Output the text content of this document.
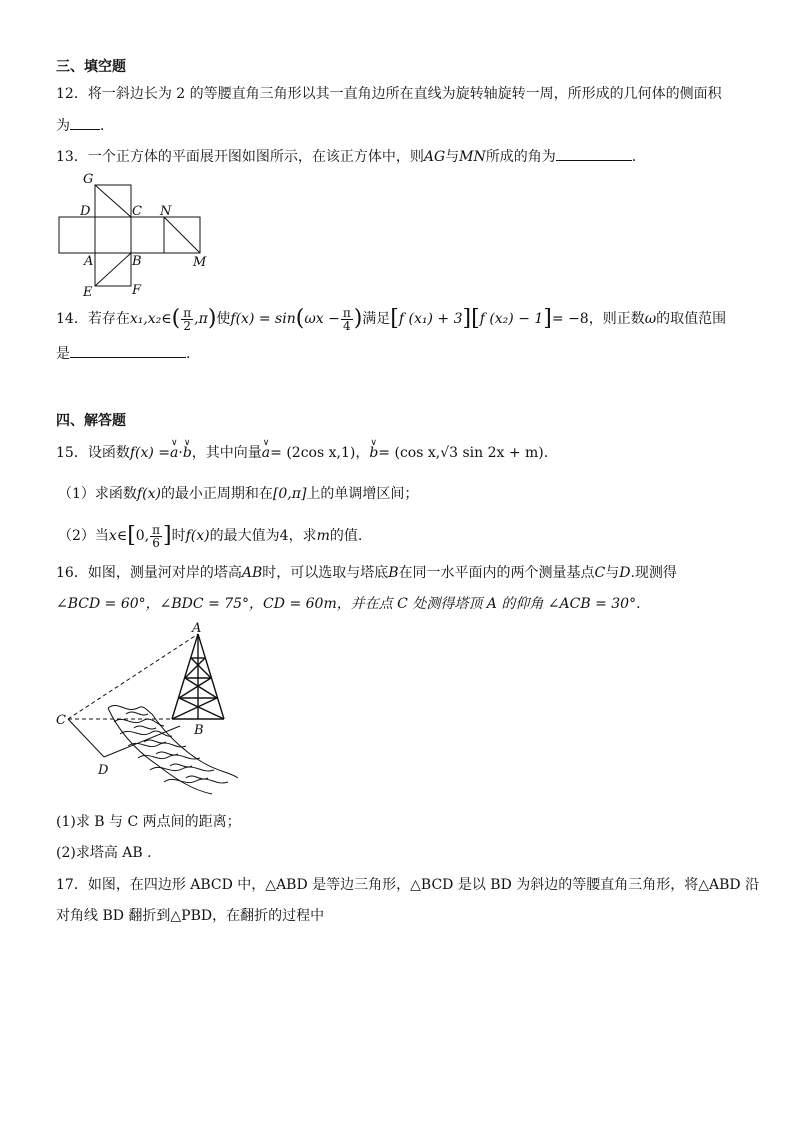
三、填空题
12．将一斜边长为 2 的等腰直角三角形以其一直角边所在直线为旋转轴旋转一周，所形成的几何体的侧面积
为 ．
13．一个正方体的平面展开图如图所示，在该正方体中，则AG与MN所成的角为	．
G
D	C N
A	B	M
E	F
14．若存在x₁,x₂∈( $\frac{\pi}{2} ,\pi$)使$f(x) = \sin(\omega x - \frac{\pi}{4}$ )满足[f (x₁) + 3][f (x₂) − 1]= −8，则正数ω的取值范围
是	.
四、解答题
15．设函数f(x) =∨ a·∨ b，其中向量∨ a= (2cos x,1)，∨ b= (cos x,√3 sin 2x + m).
（1）求函数f(x)的最小正周期和在[0,π]上的单调增区间；
（2）当x∈[0, $\frac{\pi}{6}$ ]时f(x)的最大值为4，求m的值.
16．如图，测量河对岸的塔高AB时，可以选取与塔底B在同一水平面内的两个测量基点C与D.现测得
∠BCD = 60°，∠BDC = 75°，CD = 60m，并在点 C 处测得塔顶 A 的仰角 ∠ACB = 30°.
A
B
C
D
(1)求 B 与 C 两点间的距离；
(2)求塔高 AB .
17．如图，在四边形 ABCD 中，△ABD 是等边三角形，△BCD 是以 BD 为斜边的等腰直角三角形，将△ABD 沿
对角线 BD 翻折到△PBD，在翻折的过程中
